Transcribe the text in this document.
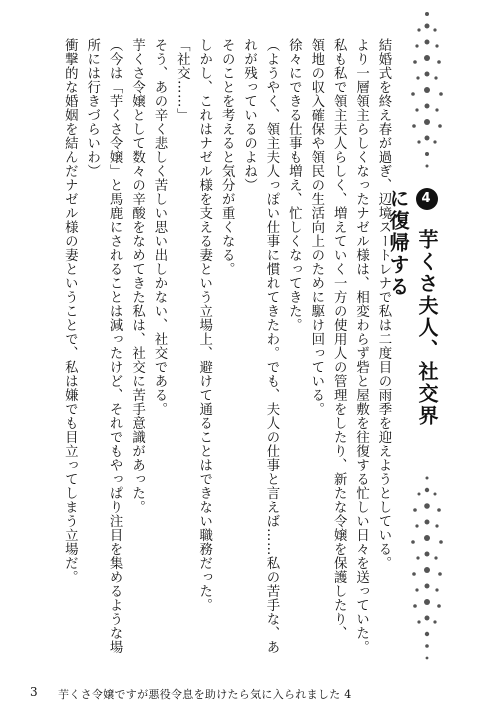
4 芋くさ夫人、社交界に復帰する

結婚式を終え春が過ぎ、辺境スートレナで私は二度目の雨季を迎えようとしている。

より一層領主らしくなったナゼル様は、相変わらず砦と屋敷を往復する忙しい日々を送っていた。

私も私で領主夫人らしく、増えていく一方の使用人の管理をしたり、新たな令嬢を保護したり、

領地の収入確保や領民の生活向上のために駆け回っている。

徐々にできる仕事も増え、忙しくなってきた。

（ようやく、領主夫人っぽい仕事に慣れてきたわ。でも、夫人の仕事と言えば……私の苦手な、あ

れが残っているのよね）

そのことを考えると気分が重くなる。

しかし、これはナゼル様を支える妻という立場上、避けて通ることはできない職務だった。

「社交……」

そう、あの辛く悲しく苦しい思い出しかない、社交である。

芋くさ令嬢として数々の辛酸をなめてきた私は、社交に苦手意識があった。

（今は「芋くさ令嬢」と馬鹿にされることは減ったけど、それでもやっぱり注目を集めるような場

所には行きづらいわ）

衝撃的な婚姻を結んだナゼル様の妻ということで、私は嫌でも目立ってしまう立場だ。

3 芋くさ令嬢ですが悪役令息を助けたら気に入られました 4
